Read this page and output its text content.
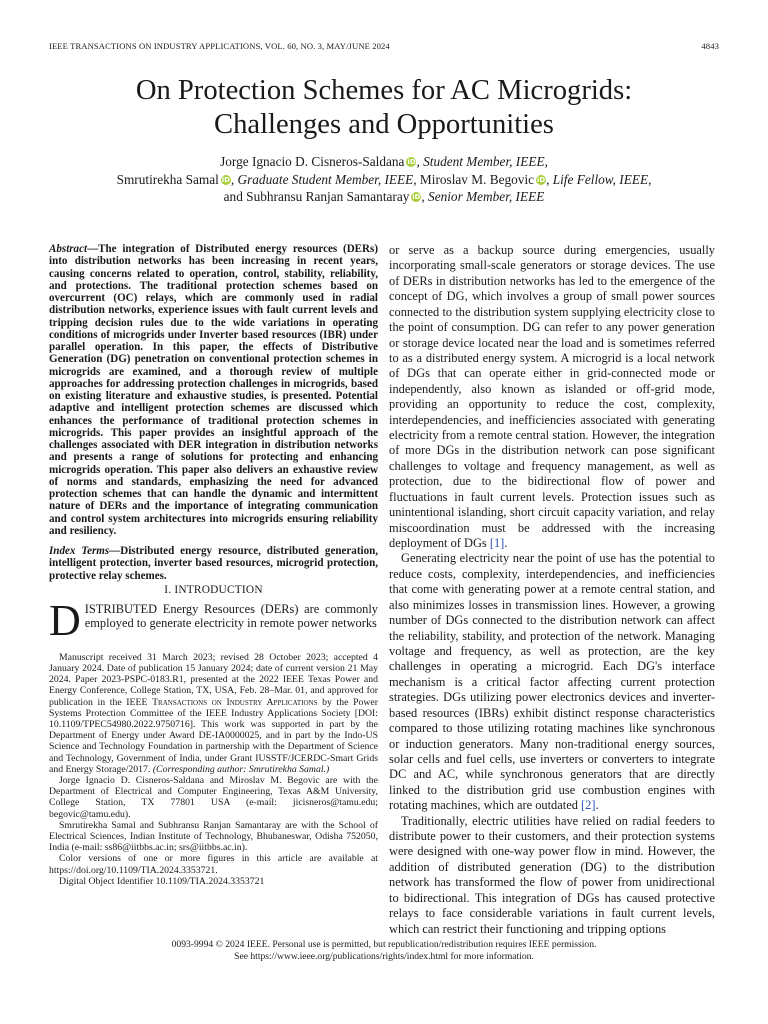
IEEE TRANSACTIONS ON INDUSTRY APPLICATIONS, VOL. 60, NO. 3, MAY/JUNE 2024	4843
On Protection Schemes for AC Microgrids:
Challenges and Opportunities
Jorge Ignacio D. Cisneros-Saldana iD, Student Member, IEEE,
Smrutirekha Samal iD, Graduate Student Member, IEEE, Miroslav M. Begovic iD, Life Fellow, IEEE,
and Subhransu Ranjan Samantaray iD, Senior Member, IEEE

Abstract—The integration of Distributed energy resources (DERs) into distribution networks has been increasing in recent years, causing concerns related to operation, control, stability, reliability, and protections. The traditional protection schemes based on overcurrent (OC) relays, which are commonly used in radial distribution networks, experience issues with fault current levels and tripping decision rules due to the wide variations in operating conditions of microgrids under Inverter based resources (IBR) under parallel operation. In this paper, the effects of Distributive Generation (DG) penetration on conventional protection schemes in microgrids are examined, and a thorough review of multiple approaches for addressing protection challenges in microgrids, based on existing literature and exhaustive studies, is presented. Potential adaptive and intelligent protection schemes are discussed which enhances the performance of traditional protection schemes in microgrids. This paper provides an insightful approach of the challenges associated with DER integration in distribution networks and presents a range of solutions for protecting and enhancing microgrids operation. This paper also delivers an exhaustive review of norms and standards, emphasizing the need for advanced protection schemes that can handle the dynamic and intermittent nature of DERs and the importance of integrating communication and control system architectures into microgrids ensuring reliability and resiliency.

Index Terms—Distributed energy resource, distributed generation, intelligent protection, inverter based resources, microgrid protection, protective relay schemes.

I. INTRODUCTION

DISTRIBUTED Energy Resources (DERs) are commonly employed to generate electricity in remote power networks

Manuscript received 31 March 2023; revised 28 October 2023; accepted 4 January 2024. Date of publication 15 January 2024; date of current version 21 May 2024. Paper 2023-PSPC-0183.R1, presented at the 2022 IEEE Texas Power and Energy Conference, College Station, TX, USA, Feb. 28–Mar. 01, and approved for publication in the IEEE Transactions on Industry Applications by the Power Systems Protection Committee of the IEEE Industry Applications Society [DOI: 10.1109/TPEC54980.2022.9750716]. This work was supported in part by the Department of Energy under Award DE-IA0000025, and in part by the Indo-US Science and Technology Foundation in partnership with the Department of Science and Technology, Government of India, under Grant IUSSTF/JCERDC-Smart Grids and Energy Storage/2017. (Corresponding author: Smrutirekha Samal.)

Jorge Ignacio D. Cisneros-Saldana and Miroslav M. Begovic are with the Department of Electrical and Computer Engineering, Texas A&M University, College Station, TX 77801 USA (e-mail: jicisneros@tamu.edu; begovic@tamu.edu).

Smrutirekha Samal and Subhransu Ranjan Samantaray are with the School of Electrical Sciences, Indian Institute of Technology, Bhubaneswar, Odisha 752050, India (e-mail: ss86@iitbbs.ac.in; srs@iitbbs.ac.in).

Color versions of one or more figures in this article are available at https://doi.org/10.1109/TIA.2024.3353721.

Digital Object Identifier 10.1109/TIA.2024.3353721

or serve as a backup source during emergencies, usually incorporating small-scale generators or storage devices. The use of DERs in distribution networks has led to the emergence of the concept of DG, which involves a group of small power sources connected to the distribution system supplying electricity close to the point of consumption. DG can refer to any power generation or storage device located near the load and is sometimes referred to as a distributed energy system. A microgrid is a local network of DGs that can operate either in grid-connected mode or independently, also known as islanded or off-grid mode, providing an opportunity to reduce the cost, complexity, interdependencies, and inefficiencies associated with generating electricity from a remote central station. However, the integration of more DGs in the distribution network can pose significant challenges to voltage and frequency management, as well as protection, due to the bidirectional flow of power and fluctuations in fault current levels. Protection issues such as unintentional islanding, short circuit capacity variation, and relay miscoordination must be addressed with the increasing deployment of DGs [1].

Generating electricity near the point of use has the potential to reduce costs, complexity, interdependencies, and inefficiencies that come with generating power at a remote central station, and also minimizes losses in transmission lines. However, a growing number of DGs connected to the distribution network can affect the reliability, stability, and protection of the network. Managing voltage and frequency, as well as protection, are the key challenges in operating a microgrid. Each DG's interface mechanism is a critical factor affecting current protection strategies. DGs utilizing power electronics devices and inverter-based resources (IBRs) exhibit distinct response characteristics compared to those utilizing rotating machines like synchronous or induction generators. Many non-traditional energy sources, solar cells and fuel cells, use inverters or converters to integrate DC and AC, while synchronous generators that are directly linked to the distribution grid use combustion engines with rotating machines, which are outdated [2].

Traditionally, electric utilities have relied on radial feeders to distribute power to their customers, and their protection systems were designed with one-way power flow in mind. However, the addition of distributed generation (DG) to the distribution network has transformed the flow of power from unidirectional to bidirectional. This integration of DGs has caused protective relays to face considerable variations in fault current levels, which can restrict their functioning and tripping options

0093-9994 © 2024 IEEE. Personal use is permitted, but republication/redistribution requires IEEE permission.
See https://www.ieee.org/publications/rights/index.html for more information.
